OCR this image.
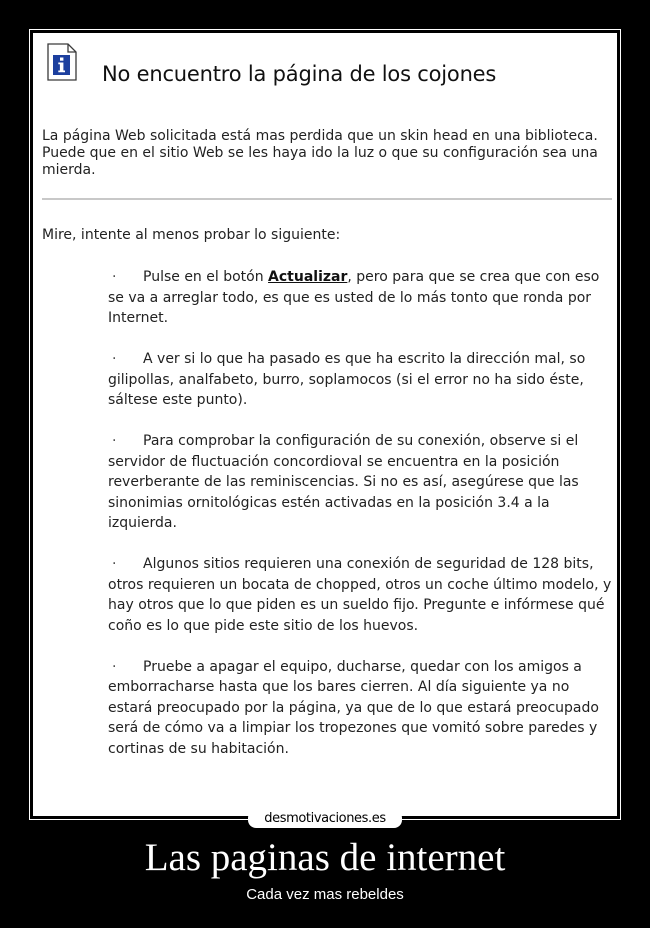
No encuentro la página de los cojones
La página Web solicitada está mas perdida que un skin head en una biblioteca. Puede que en el sitio Web se les haya ido la luz o que su configuración sea una mierda.
Mire, intente al menos probar lo siguiente:
· Pulse en el botón Actualizar, pero para que se crea que con eso se va a arreglar todo, es que es usted de lo más tonto que ronda por Internet.
· A ver si lo que ha pasado es que ha escrito la dirección mal, so gilipollas, analfabeto, burro, soplamocos (si el error no ha sido éste, sáltese este punto).
· Para comprobar la configuración de su conexión, observe si el servidor de fluctuación concordioval se encuentra en la posición reverberante de las reminiscencias. Si no es así, asegúrese que las sinonimias ornitológicas estén activadas en la posición 3.4 a la izquierda.
· Algunos sitios requieren una conexión de seguridad de 128 bits, otros requieren un bocata de chopped, otros un coche último modelo, y hay otros que lo que piden es un sueldo fijo. Pregunte e infórmese qué coño es lo que pide este sitio de los huevos.
· Pruebe a apagar el equipo, ducharse, quedar con los amigos a emborracharse hasta que los bares cierren. Al día siguiente ya no estará preocupado por la página, ya que de lo que estará preocupado será de cómo va a limpiar los tropezones que vomitó sobre paredes y cortinas de su habitación.
desmotivaciones.es
Las paginas de internet
Cada vez mas rebeldes
